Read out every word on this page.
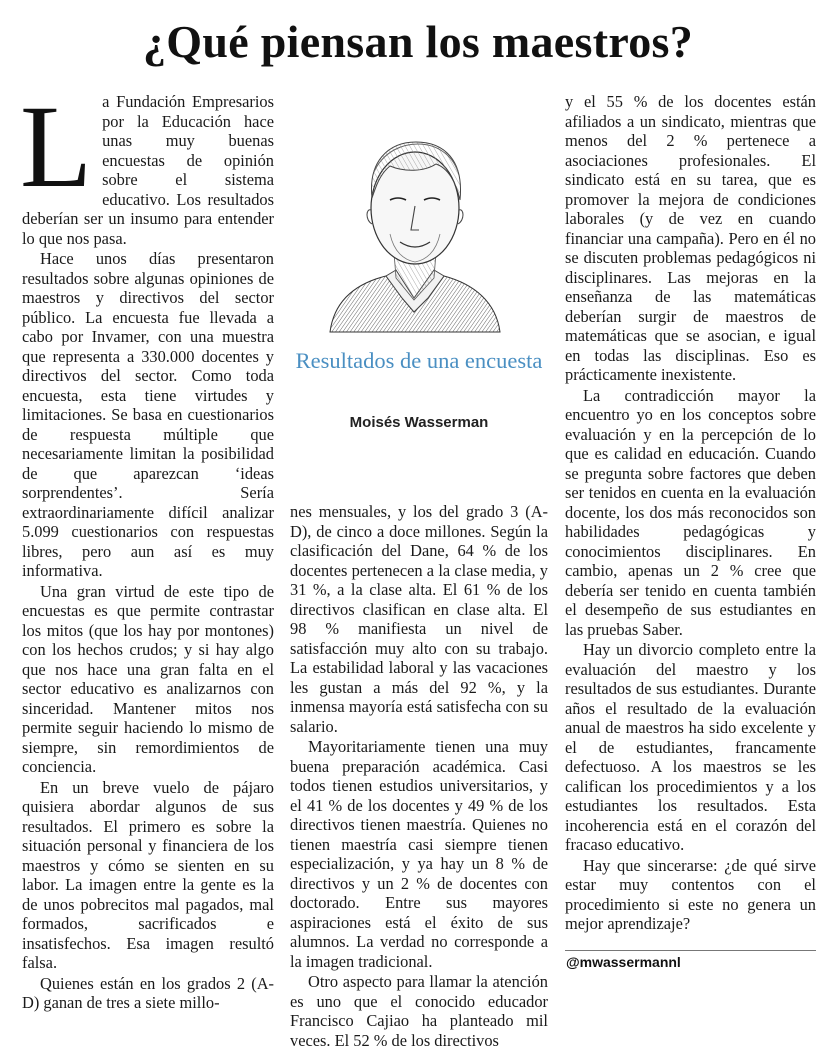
¿Qué piensan los maestros?

La Fundación Empresarios por la Educación hace unas muy buenas encuestas de opinión sobre el sistema educativo. Los resultados deberían ser un insumo para entender lo que nos pasa.

Hace unos días presentaron resultados sobre algunas opiniones de maestros y directivos del sector público. La encuesta fue llevada a cabo por Invamer, con una muestra que representa a 330.000 docentes y directivos del sector. Como toda encuesta, esta tiene virtudes y limitaciones. Se basa en cuestionarios de respuesta múltiple que necesariamente limitan la posibilidad de que aparezcan ‘ideas sorprendentes’. Sería extraordinariamente difícil analizar 5.099 cuestionarios con respuestas libres, pero aun así es muy informativa.

Una gran virtud de este tipo de encuestas es que permite contrastar los mitos (que los hay por montones) con los hechos crudos; y si hay algo que nos hace una gran falta en el sector educativo es analizarnos con sinceridad. Mantener mitos nos permite seguir haciendo lo mismo de siempre, sin remordimientos de conciencia.

En un breve vuelo de pájaro quisiera abordar algunos de sus resultados. El primero es sobre la situación personal y financiera de los maestros y cómo se sienten en su labor. La imagen entre la gente es la de unos pobrecitos mal pagados, mal formados, sacrificados e insatisfechos. Esa imagen resultó falsa.

Quienes están en los grados 2 (A-D) ganan de tres a siete millo-

Resultados de una encuesta
Moisés Wasserman

nes mensuales, y los del grado 3 (A-D), de cinco a doce millones. Según la clasificación del Dane, 64 % de los docentes pertenecen a la clase media, y 31 %, a la clase alta. El 61 % de los directivos clasifican en clase alta. El 98 % manifiesta un nivel de satisfacción muy alto con su trabajo. La estabilidad laboral y las vacaciones les gustan a más del 92 %, y la inmensa mayoría está satisfecha con su salario.

Mayoritariamente tienen una muy buena preparación académica. Casi todos tienen estudios universitarios, y el 41 % de los docentes y 49 % de los directivos tienen maestría. Quienes no tienen maestría casi siempre tienen especialización, y ya hay un 8 % de directivos y un 2 % de docentes con doctorado. Entre sus mayores aspiraciones está el éxito de sus alumnos. La verdad no corresponde a la imagen tradicional.

Otro aspecto para llamar la atención es uno que el conocido educador Francisco Cajiao ha planteado mil veces. El 52 % de los directivos

y el 55 % de los docentes están afiliados a un sindicato, mientras que menos del 2 % pertenece a asociaciones profesionales. El sindicato está en su tarea, que es promover la mejora de condiciones laborales (y de vez en cuando financiar una campaña). Pero en él no se discuten problemas pedagógicos ni disciplinares. Las mejoras en la enseñanza de las matemáticas deberían surgir de maestros de matemáticas que se asocian, e igual en todas las disciplinas. Eso es prácticamente inexistente.

La contradicción mayor la encuentro yo en los conceptos sobre evaluación y en la percepción de lo que es calidad en educación. Cuando se pregunta sobre factores que deben ser tenidos en cuenta en la evaluación docente, los dos más reconocidos son habilidades pedagógicas y conocimientos disciplinares. En cambio, apenas un 2 % cree que debería ser tenido en cuenta también el desempeño de sus estudiantes en las pruebas Saber.

Hay un divorcio completo entre la evaluación del maestro y los resultados de sus estudiantes. Durante años el resultado de la evaluación anual de maestros ha sido excelente y el de estudiantes, francamente defectuoso. A los maestros se les califican los procedimientos y a los estudiantes los resultados. Esta incoherencia está en el corazón del fracaso educativo.

Hay que sincerarse: ¿de qué sirve estar muy contentos con el procedimiento si este no genera un mejor aprendizaje?

@mwassermannl
